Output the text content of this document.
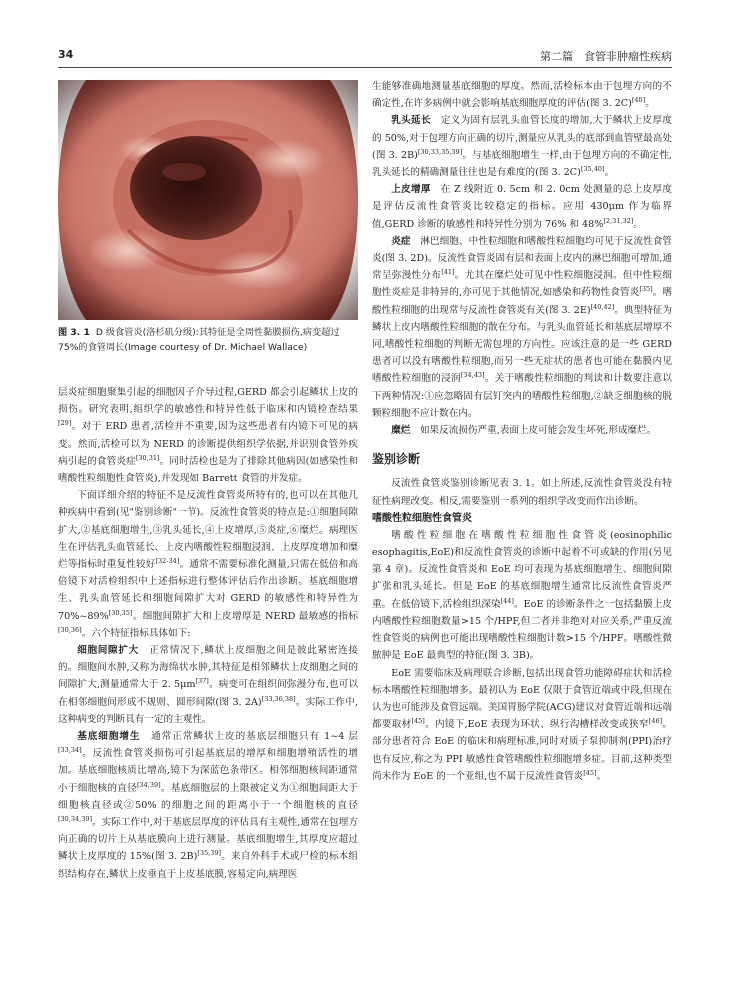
34	第二篇　食管非肿瘤性疾病
图 3. 1 D 级食管炎(洛杉矶分级):其特征是全周性黏膜损伤,病变超过 75%的食管周长(Image courtesy of Dr. Michael Wallace)

层炎症细胞聚集引起的细胞因子介导过程,GERD 都会引起鳞状上皮的损伤。研究表明,组织学的敏感性和特异性低于临床和内镜检查结果[29]。对于 ERD 患者,活检并不重要,因为这些患者有内镜下可见的病变。然而,活检可以为 NERD 的诊断提供组织学依据,并识别食管外疾病引起的食管炎症[30,31]。同时活检也是为了排除其他病因(如感染性和嗜酸性粒细胞性食管炎),并发现如 Barrett 食管的并发症。

下面详细介绍的特征不是反流性食管炎所特有的,也可以在其他几种疾病中看到(见"鉴别诊断"一节)。反流性食管炎的特点是:①细胞间隙扩大,②基底细胞增生,③乳头延长,④上皮增厚,⑤炎症,⑥糜烂。病理医生在评估乳头血管延长、上皮内嗜酸性粒细胞浸润、上皮厚度增加和糜烂等指标时重复性较好[32-34]。通常不需要标准化测量,只需在低倍和高倍镜下对活检组织中上述指标进行整体评估后作出诊断。基底细胞增生、乳头血管延长和细胞间隙扩大对 GERD 的敏感性和特异性为 70%~89%[30,35]。细胞间隙扩大和上皮增厚是 NERD 最敏感的指标[30,36]。六个特征指标具体如下:

细胞间隙扩大　正常情况下,鳞状上皮细胞之间是彼此紧密连接的。细胞间水肿,又称为海绵状水肿,其特征是相邻鳞状上皮细胞之间的间隙扩大,测量通常大于 2. 5μm[37]。病变可在组织间弥漫分布,也可以在相邻细胞间形成不规则、圆形间隙(图 3. 2A)[33,36,38]。实际工作中,这种病变的判断具有一定的主观性。

基底细胞增生　通常正常鳞状上皮的基底层细胞只有 1~4 层[33,34]。反流性食管炎损伤可引起基底层的增厚和细胞增殖活性的增加。基底细胞核质比增高,镜下为深蓝色条带区。相邻细胞核间距通常小于细胞核的直径[34,39]。基底细胞层的上限被定义为①细胞间距大于细胞核直径或②50% 的细胞之间的距离小于一个细胞核的直径[30,34,39]。实际工作中,对于基底层厚度的评估具有主观性,通常在包埋方向正确的切片上从基底膜向上进行测量。基底细胞增生,其厚度应超过鳞状上皮厚度的 15%(图 3. 2B)[35,39]。来自外科手术或尸检的标本组织结构存在,鳞状上皮垂直于上皮基底膜,容易定向,病理医

生能够准确地测量基底细胞的厚度。然而,活检标本由于包埋方向的不确定性,在许多病例中就会影响基底细胞厚度的评估(图 3. 2C)[40]。

乳头延长　定义为固有层乳头血管长度的增加,大于鳞状上皮厚度的 50%,对于包埋方向正确的切片,测量应从乳头的底部到血管壁最高处(图 3. 2B)[30,33,35,39]。与基底细胞增生一样,由于包埋方向的不确定性,乳头延长的精确测量往往也是有难度的(图 3. 2C)[35,40]。

上皮增厚　在 Z 线附近 0. 5cm 和 2. 0cm 处测量的总上皮厚度是评估反流性食管炎比较稳定的指标。应用 430μm 作为临界值,GERD 诊断的敏感性和特异性分别为 76% 和 48%[2,31,32]。

炎症　淋巴细胞、中性粒细胞和嗜酸性粒细胞均可见于反流性食管炎(图 3. 2D)。反流性食管炎固有层和表面上皮内的淋巴细胞可增加,通常呈弥漫性分布[41]。尤其在糜烂处可见中性粒细胞浸润。但中性粒细胞性炎症是非特异的,亦可见于其他情况,如感染和药物性食管炎[35]。嗜酸性粒细胞的出现常与反流性食管炎有关(图 3. 2E)[40,42]。典型特征为鳞状上皮内嗜酸性粒细胞的散在分布。与乳头血管延长和基底层增厚不同,嗜酸性粒细胞的判断无需包埋的方向性。应该注意的是一些 GERD 患者可以没有嗜酸性粒细胞,而另一些无症状的患者也可能在黏膜内见嗜酸性粒细胞的浸润[34,43]。关于嗜酸性粒细胞的判读和计数要注意以下两种情况:①应忽略固有层钉突内的嗜酸性粒细胞,②缺乏细胞核的脱颗粒细胞不应计数在内。

糜烂　如果反流损伤严重,表面上皮可能会发生坏死,形成糜烂。

鉴别诊断

反流性食管炎鉴别诊断见表 3. 1。如上所述,反流性食管炎没有特征性病理改变。相反,需要鉴别一系列的组织学改变而作出诊断。

嗜酸性粒细胞性食管炎

嗜酸性粒细胞在嗜酸性粒细胞性食管炎(eosinophilic esophagitis,EoE)和反流性食管炎的诊断中起着不可或缺的作用(另见第 4 章)。反流性食管炎和 EoE 均可表现为基底细胞增生、细胞间隙扩张和乳头延长。但是 EoE 的基底细胞增生通常比反流性食管炎严重。在低倍镜下,活检组织深染[44]。EoE 的诊断条件之一包括黏膜上皮内嗜酸性粒细胞数量>15 个/HPF,但二者并非绝对对应关系,严重反流性食管炎的病例也可能出现嗜酸性粒细胞计数>15 个/HPF。嗜酸性微脓肿是 EoE 最典型的特征(图 3. 3B)。

EoE 需要临床及病理联合诊断,包括出现食管功能障碍症状和活检标本嗜酸性粒细胞增多。最初认为 EoE 仅限于食管近端或中段,但现在认为也可能涉及食管远端。美国胃肠学院(ACG)建议对食管近端和远端都要取材[45]。内镜下,EoE 表现为环状、纵行沟槽样改变或狭窄[46]。部分患者符合 EoE 的临床和病理标准,同时对质子泵抑制剂(PPI)治疗也有反应,称之为 PPI 敏感性食管嗜酸性粒细胞增多症。目前,这种类型尚未作为 EoE 的一个亚组,也不属于反流性食管炎[45]。
